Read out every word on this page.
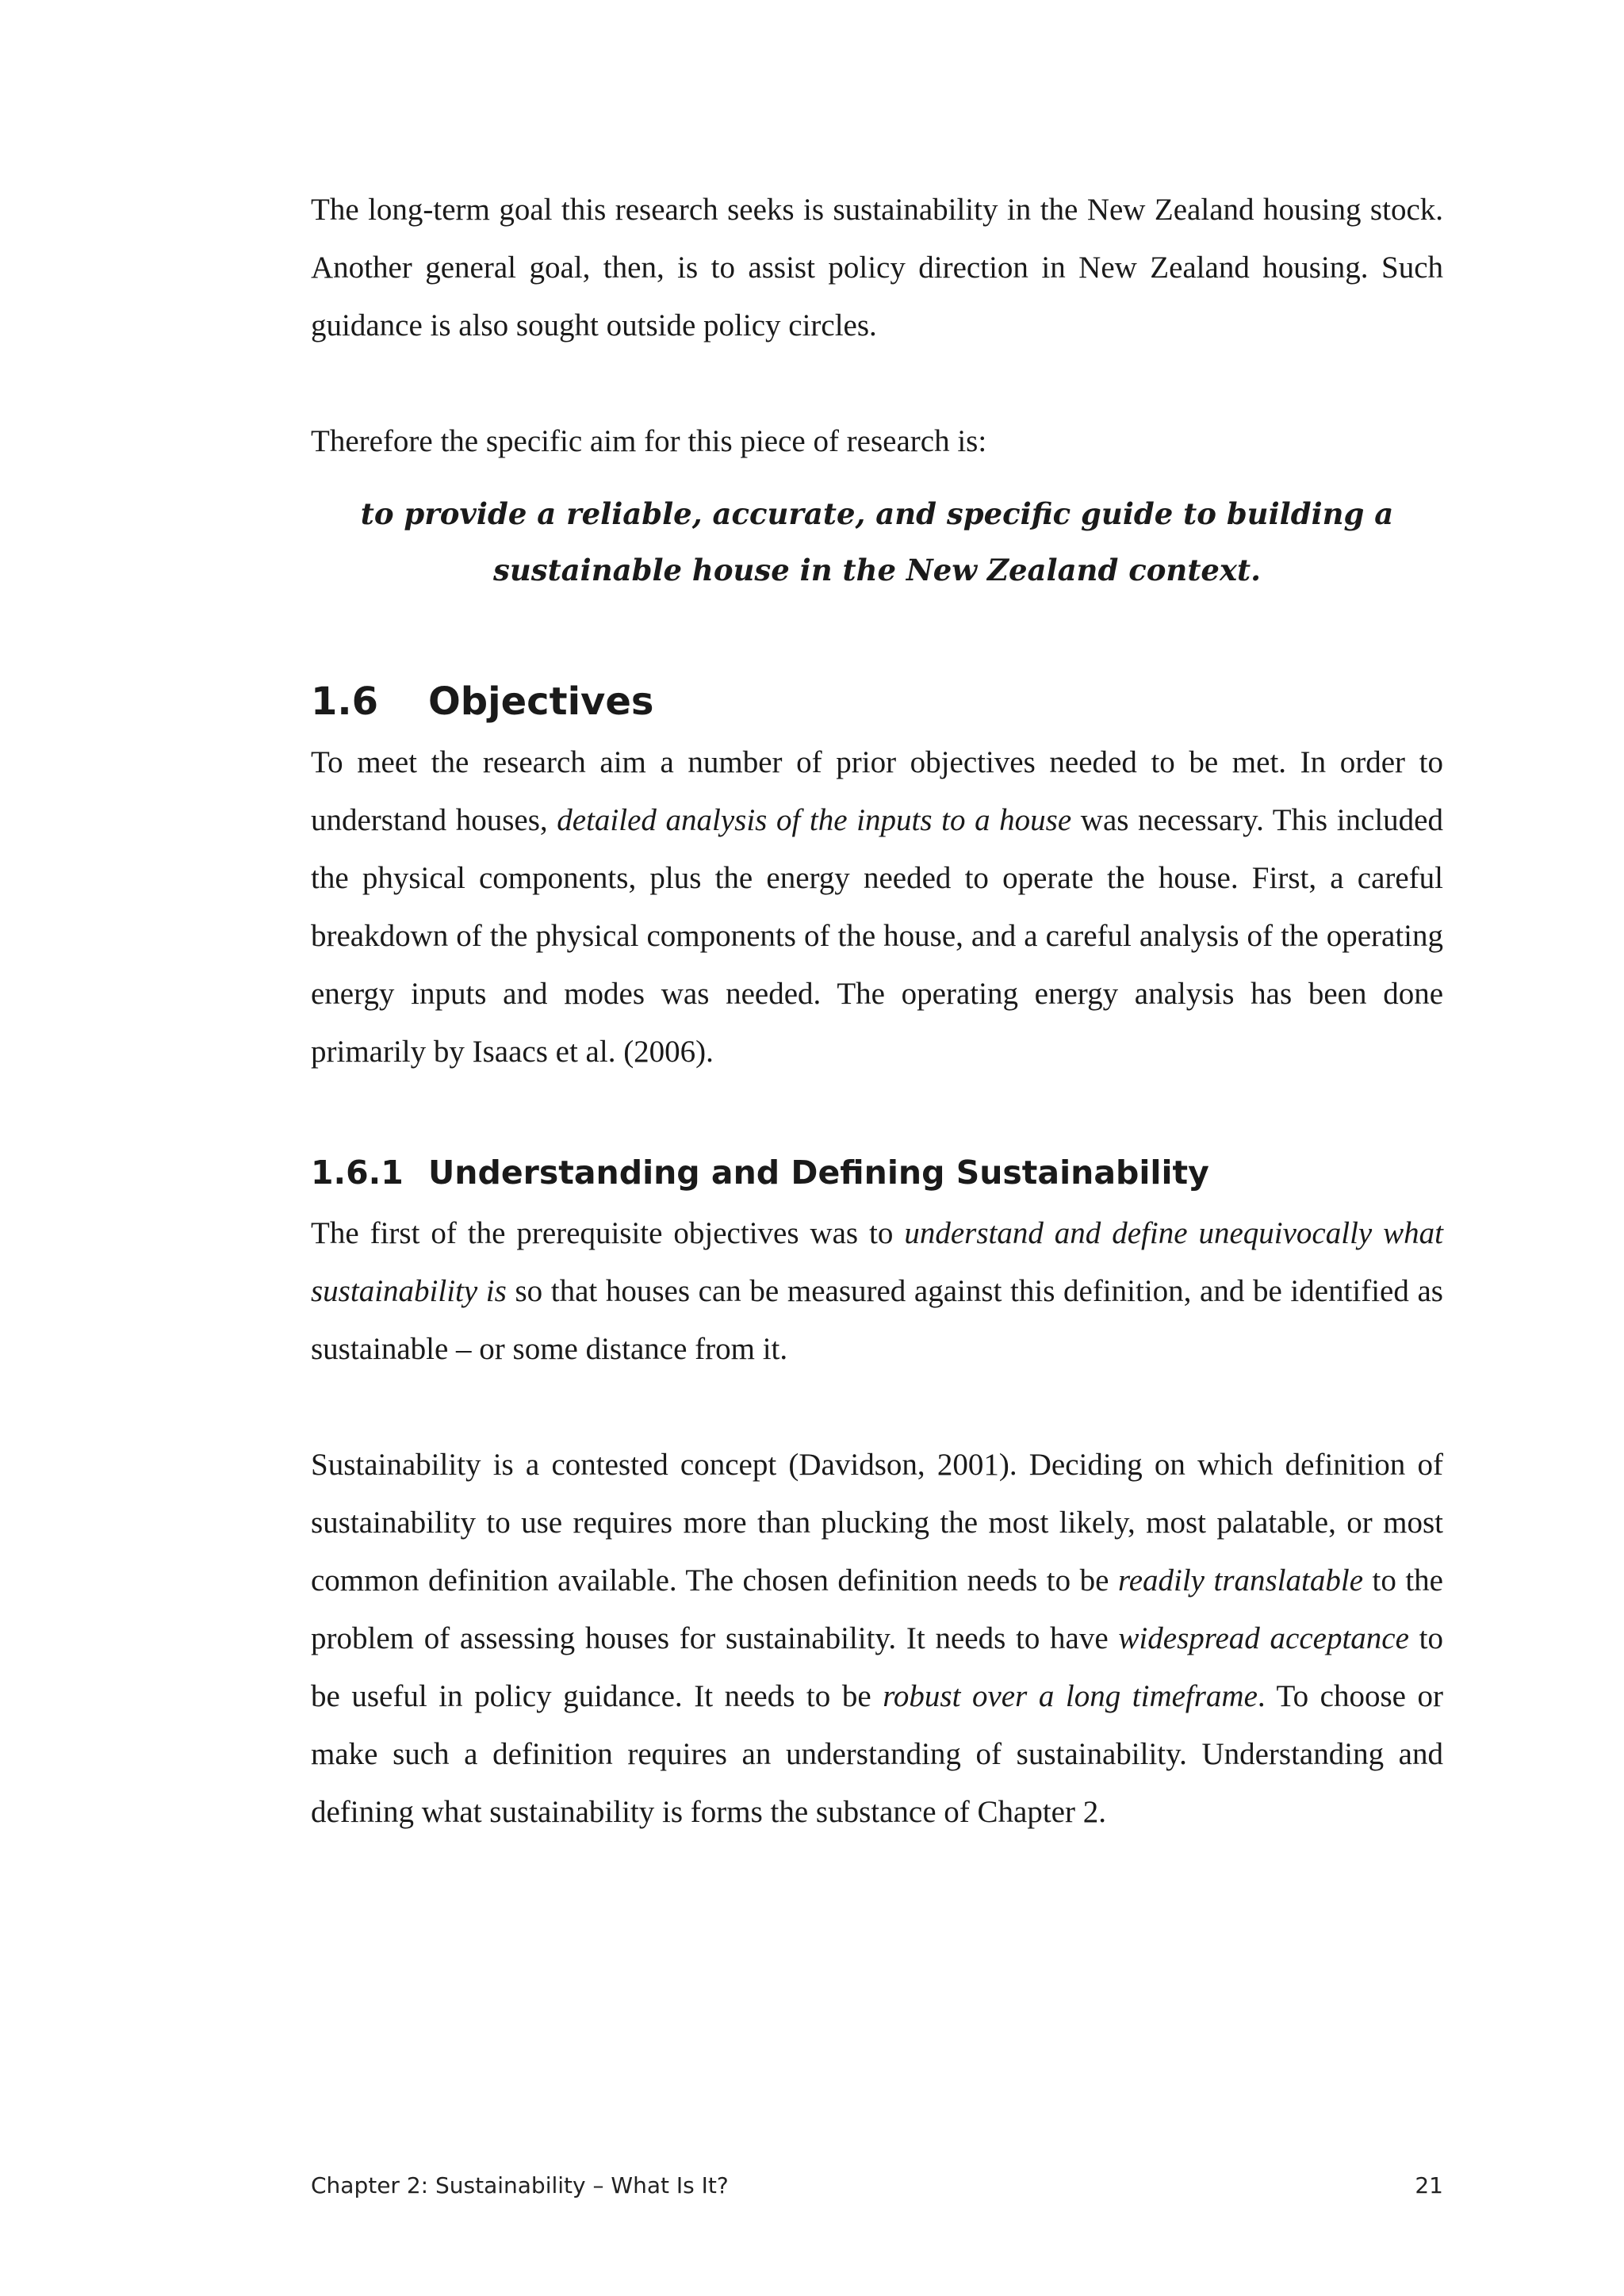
The long-term goal this research seeks is sustainability in the New Zealand housing stock. Another general goal, then, is to assist policy direction in New Zealand housing. Such guidance is also sought outside policy circles.

Therefore the specific aim for this piece of research is:

to provide a reliable, accurate, and specific guide to building a
sustainable house in the New Zealand context.
1.6	Objectives

To meet the research aim a number of prior objectives needed to be met. In order to understand houses, detailed analysis of the inputs to a house was necessary. This included the physical components, plus the energy needed to operate the house. First, a careful breakdown of the physical components of the house, and a careful analysis of the operating energy inputs and modes was needed. The operating energy analysis has been done primarily by Isaacs et al. (2006).

1.6.1 Understanding and Defining Sustainability

The first of the prerequisite objectives was to understand and define unequivocally what sustainability is so that houses can be measured against this definition, and be identified as sustainable – or some distance from it.

Sustainability is a contested concept (Davidson, 2001). Deciding on which definition of sustainability to use requires more than plucking the most likely, most palatable, or most common definition available. The chosen definition needs to be readily translatable to the problem of assessing houses for sustainability. It needs to have widespread acceptance to be useful in policy guidance. It needs to be robust over a long timeframe. To choose or make such a definition requires an understanding of sustainability. Understanding and defining what sustainability is forms the substance of Chapter 2.

Chapter 2: Sustainability – What Is It?	21
